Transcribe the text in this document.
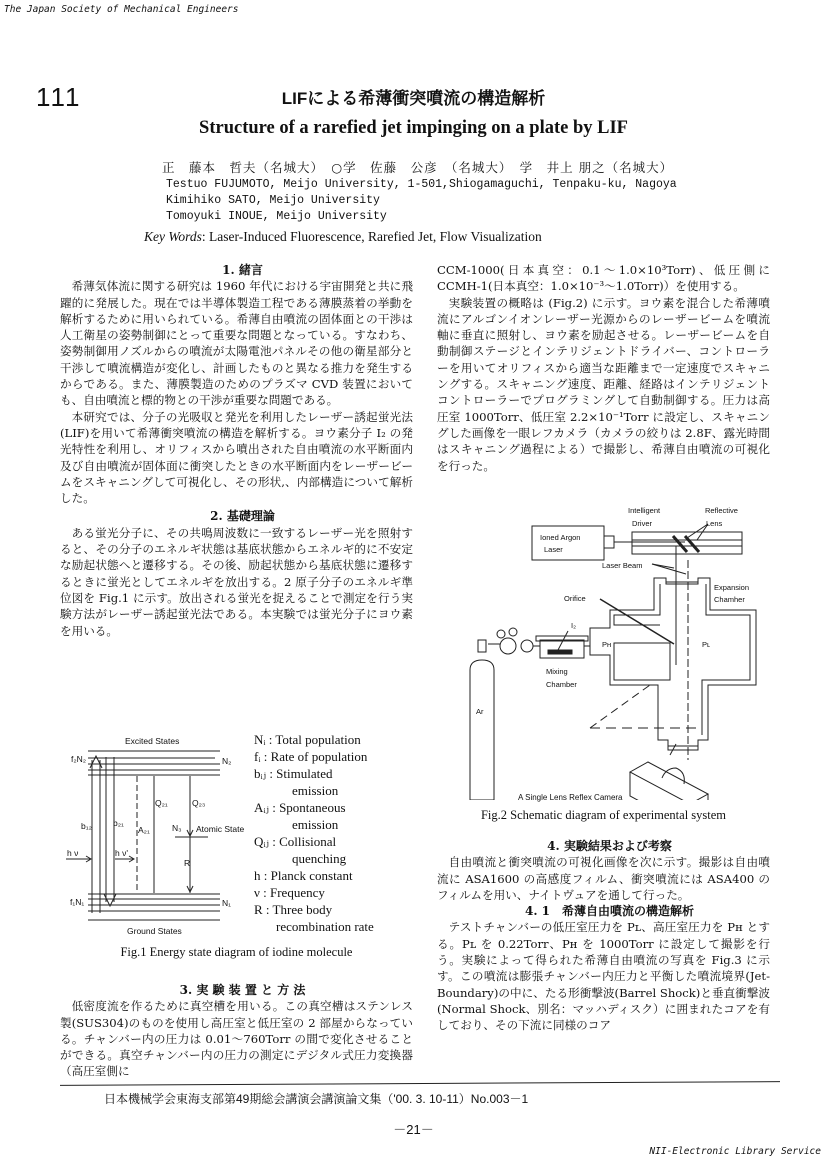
The Japan Society of Mechanical Engineers
111	LIFによる希薄衝突噴流の構造解析
Structure of a rarefied jet impinging on a plate by LIF
正　藤本　哲夫（名城大）　○学　佐藤　公彦　（名城大）　学　井上 朋之（名城大）
Testuo FUJUMOTO, Meijo University, 1-501,Shiogamaguchi, Tenpaku-ku, Nagoya
Kimihiko SATO, Meijo University
Tomoyuki INOUE, Meijo University
Key Words: Laser-Induced Fluorescence, Rarefied Jet, Flow Visualization

1. 緒言

希薄気体流に関する研究は 1960 年代における宇宙開発と共に飛躍的に発展した。現在では半導体製造工程である薄膜蒸着の挙動を解析するために用いられている。希薄自由噴流の固体面との干渉は人工衛星の姿勢制御にとって重要な問題となっている。すなわち、姿勢制御用ノズルからの噴流が太陽電池パネルその他の衛星部分と干渉して噴流構造が変化し、計画したものと異なる推力を発生するからである。また、薄膜製造のためのプラズマ CVD 装置においても、自由噴流と標的物との干渉が重要な問題である。

本研究では、分子の光吸収と発光を利用したレーザー誘起蛍光法(LIF)を用いて希薄衝突噴流の構造を解析する。ヨウ素分子 I₂ の発光特性を利用し、オリフィスから噴出された自由噴流の水平断面内及び自由噴流が固体面に衝突したときの水平断面内をレーザービームをスキャニングして可視化し、その形状,、内部構造について解析した。

2. 基礎理論

ある蛍光分子に、その共鳴周波数に一致するレーザー光を照射すると、その分子のエネルギ状態は基底状態からエネルギ的に不安定な励起状態へと遷移する。その後、励起状態から基底状態に遷移するときに蛍光としてエネルギを放出する。2 原子分子のエネルギ準位図を Fig.1 に示す。放出される蛍光を捉えることで測定を行う実験方法がレーザー誘起蛍光法である。本実験では蛍光分子にヨウ素を用いる。

Excited States
Ground States
f₂N₂
f₁N₁
N₂
N₁
b₁₂ b₂₁
A₂₁
Q₂₁	Q₂₃
N₃ Atomic State
R
h ν	h ν'
Nᵢ : Total population
fᵢ : Rate of population
bᵢⱼ : Stimulated
emission
Aᵢⱼ : Spontaneous
emission
Qᵢⱼ : Collisional
quenching
h : Planck constant
ν : Frequency
R : Three body
recombination rate
Fig.1 Energy state diagram of iodine molecule

3. 実 験 装 置 と 方 法

低密度流を作るために真空槽を用いる。この真空槽はステンレス製(SUS304)のものを使用し高圧室と低圧室の 2 部屋からなっている。チャンバー内の圧力は 0.01～760Torr の間で変化させることができる。真空チャンバー内の圧力の測定にデジタル式圧力変換器（高圧室側に

CCM-1000(日本真空：0.1～1.0×10³Torr)、低圧側に CCMH-1(日本真空：1.0×10⁻³～1.0Torr)）を使用する。

実験装置の概略は (Fig.2) に示す。ヨウ素を混合した希薄噴流にアルゴンイオンレーザー光源からのレーザービームを噴流軸に垂直に照射し、ヨウ素を励起させる。レーザービームを自動制御ステージとインテリジェントドライバー、コントローラーを用いてオリフィスから適当な距離まで一定速度でスキャニングする。スキャニング速度、距離、経路はインテリジェントコントローラーでプログラミングして自動制御する。圧力は高圧室 1000Torr、低圧室 2.2×10⁻¹Torr に設定し、スキャニングした画像を一眼レフカメラ（カメラの絞りは 2.8F、露光時間はスキャニング過程による）で撮影し、希薄自由噴流の可視化を行った。

Intelligent
Driver
Reflective
Lens
Ioned Argon
Laser
Laser Beam
Expansion
Chamher
Orifice
I₂
Pʜ	Pʟ
Mixing
Chamber
Ar
A Single Lens Reflex Camera
Fig.2 Schematic diagram of experimental system

4. 実験結果および考察

自由噴流と衝突噴流の可視化画像を次に示す。撮影は自由噴流に ASA1600 の高感度フィルム、衝突噴流には ASA400 のフィルムを用い、ナイトヴュアを通して行った。

4. 1　希薄自由噴流の構造解析

テストチャンバーの低圧室圧力を Pʟ、高圧室圧力を Pʜ とする。Pʟ を 0.22Torr、Pʜ を 1000Torr に設定して撮影を行う。実験によって得られた希薄自由噴流の写真を Fig.3 に示す。この噴流は膨張チャンバー内圧力と平衡した噴流境界(Jet-Boundary)の中に、たる形衝撃波(Barrel Shock)と垂直衝撃波(Normal Shock、別名：マッハディスク）に囲まれたコアを有しており、その下流に同様のコア

日本機械学会東海支部第49期総会講演会講演論文集（'00. 3. 10-11）No.003－1
－21－
NII-Electronic Library Service
